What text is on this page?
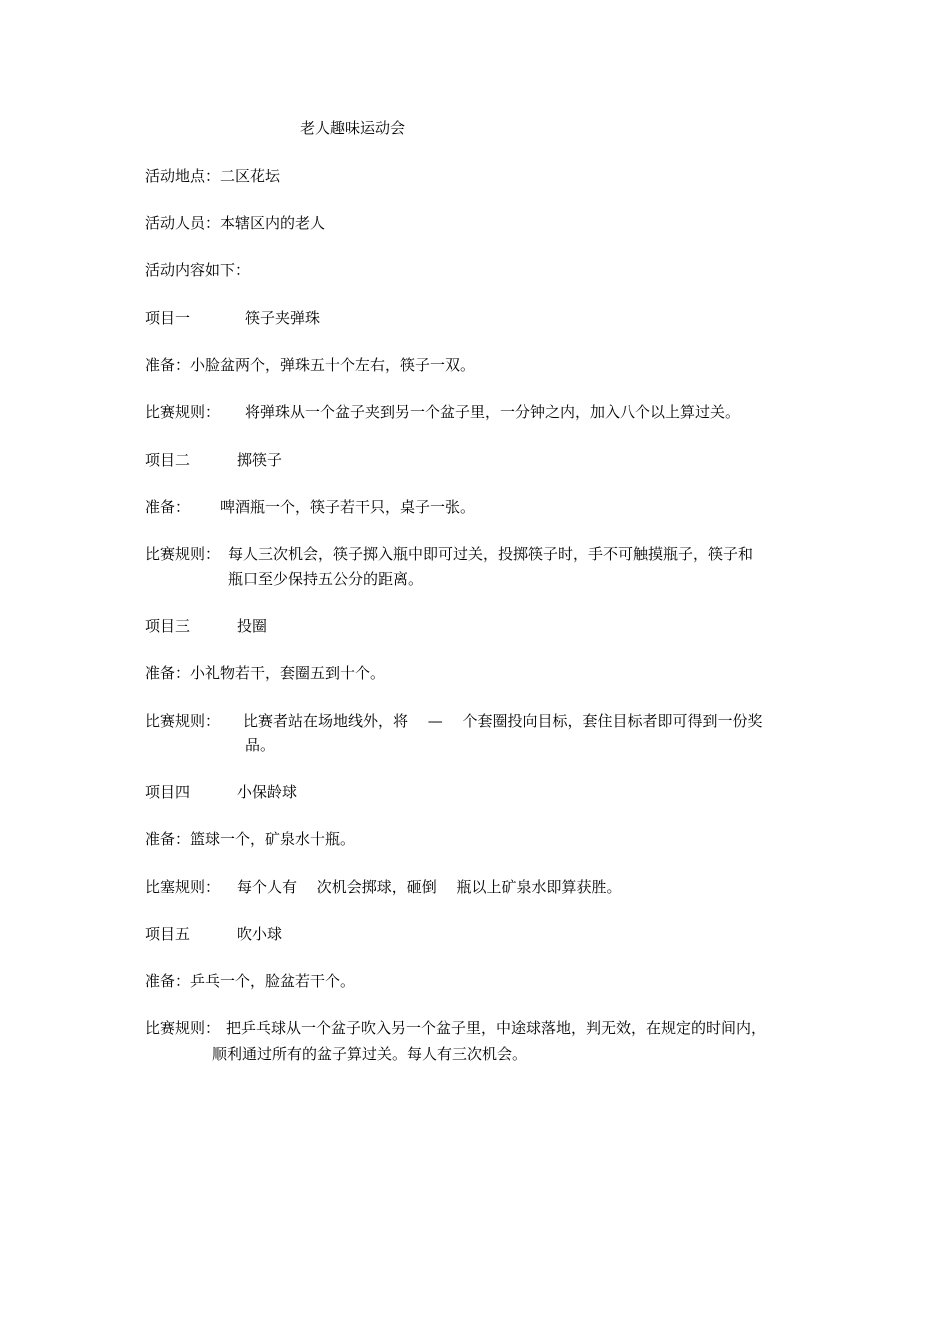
老人趣味运动会
活动地点：二区花坛
活动人员：本辖区内的老人
活动内容如下：
项目一	筷子夹弹珠
准备：小脸盆两个，弹珠五十个左右，筷子一双。
比赛规则： 将弹珠从一个盆子夹到另一个盆子里，一分钟之内，加入八个以上算过关。
项目二	掷筷子
准备： 啤酒瓶一个，筷子若干只，桌子一张。
比赛规则： 每人三次机会，筷子掷入瓶中即可过关，投掷筷子时，手不可触摸瓶子，筷子和
瓶口至少保持五公分的距离。
项目三	投圈
准备：小礼物若干，套圈五到十个。
比赛规则： 比赛者站在场地线外，将 　—　 个套圈投向目标，套住目标者即可得到一份奖
品。
项目四	小保龄球
准备：篮球一个，矿泉水十瓶。
比塞规则： 每个人有 　次机会掷球，砸倒 　瓶以上矿泉水即算获胜。
项目五	吹小球
准备：乒乓一个，脸盆若干个。
比赛规则： 把乒乓球从一个盆子吹入另一个盆子里，中途球落地，判无效，在规定的时间内，
顺利通过所有的盆子算过关。每人有三次机会。
